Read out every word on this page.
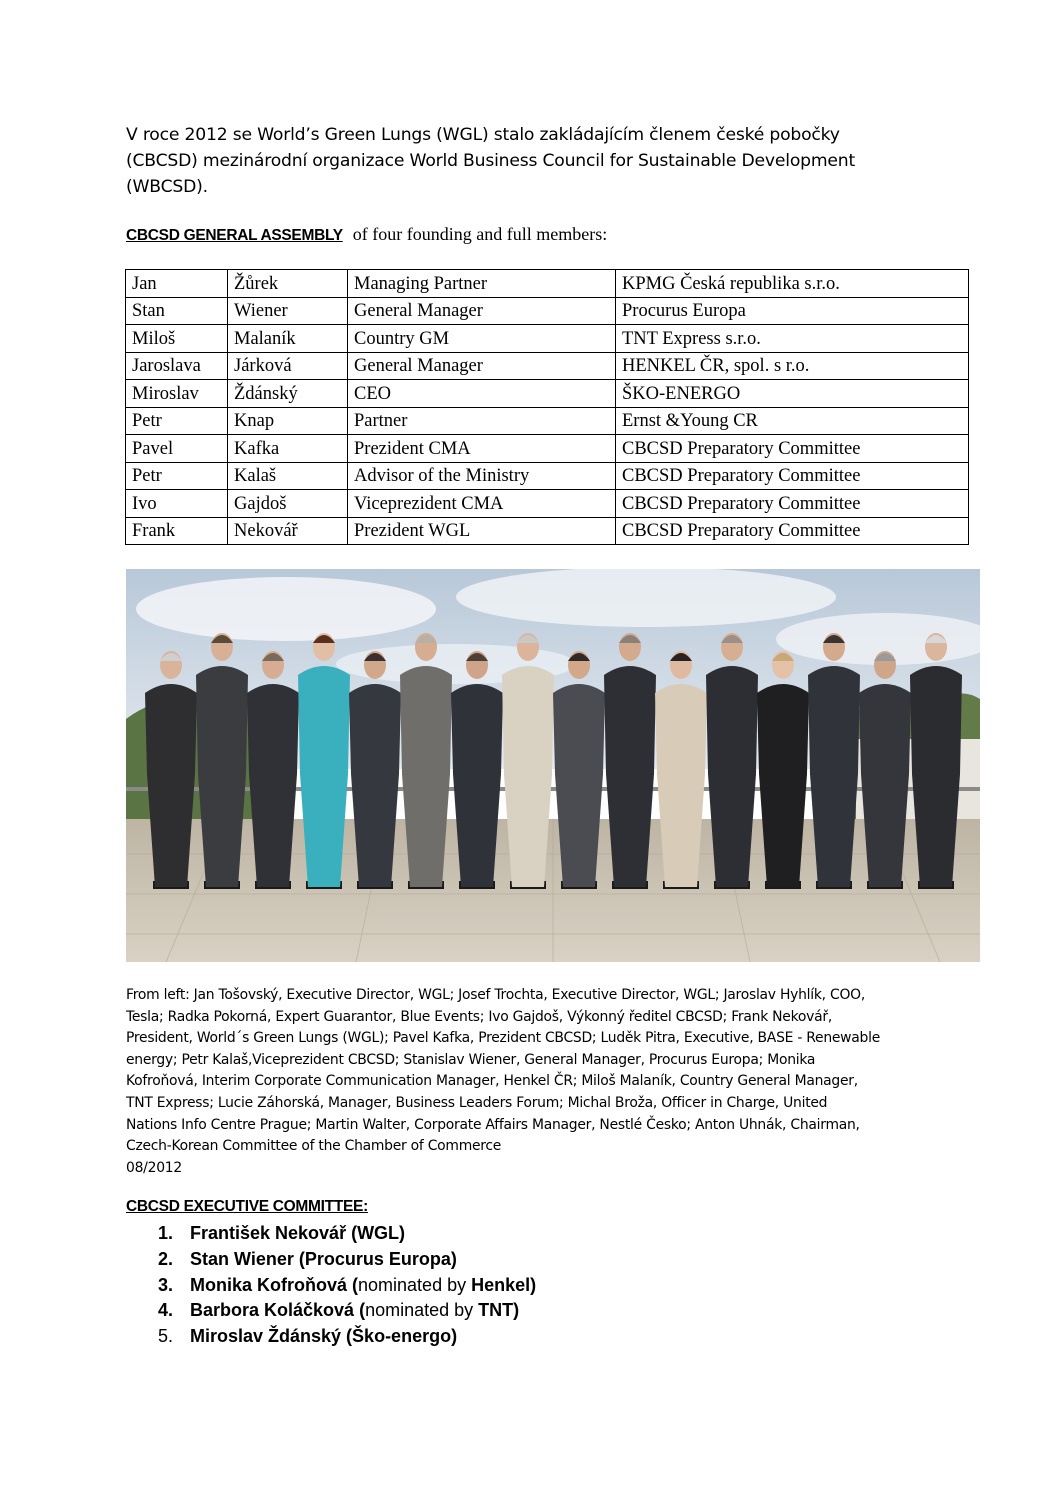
V roce 2012 se World’s Green Lungs (WGL) stalo zakládajícím členem české pobočky
(CBCSD) mezinárodní organizace World Business Council for Sustainable Development
(WBCSD).
CBCSD GENERAL ASSEMBLY of four founding and full members:
Jan	Žůrek	Managing Partner	KPMG Česká republika s.r.o.
Stan	Wiener	General Manager	Procurus Europa
Miloš	Malaník	Country GM	TNT Express s.r.o.
Jaroslava	Járková	General Manager	HENKEL ČR, spol. s r.o.
Miroslav	Ždánský	CEO	ŠKO-ENERGO
Petr	Knap	Partner	Ernst &Young CR
Pavel	Kafka	Prezident CMA	CBCSD Preparatory Committee
Petr	Kalaš	Advisor of the Ministry	CBCSD Preparatory Committee
Ivo	Gajdoš	Viceprezident CMA	CBCSD Preparatory Committee
Frank	Nekovář	Prezident WGL	CBCSD Preparatory Committee
From left: Jan Tošovský, Executive Director, WGL; Josef Trochta, Executive Director, WGL; Jaroslav Hyhlík, COO,
Tesla; Radka Pokorná, Expert Guarantor, Blue Events; Ivo Gajdoš, Výkonný ředitel CBCSD; Frank Nekovář,
President, World´s Green Lungs (WGL); Pavel Kafka, Prezident CBCSD; Luděk Pitra, Executive, BASE - Renewable
energy; Petr Kalaš,Viceprezident CBCSD; Stanislav Wiener, General Manager, Procurus Europa; Monika
Kofroňová, Interim Corporate Communication Manager, Henkel ČR; Miloš Malaník, Country General Manager,
TNT Express; Lucie Záhorská, Manager, Business Leaders Forum; Michal Broža, Officer in Charge, United
Nations Info Centre Prague; Martin Walter, Corporate Affairs Manager, Nestlé Česko; Anton Uhnák, Chairman,
Czech-Korean Committee of the Chamber of Commerce
08/2012
CBCSD EXECUTIVE COMMITTEE:
1. František Nekovář (WGL)
2. Stan Wiener (Procurus Europa)
3. Monika Kofroňová (nominated by Henkel)
4. Barbora Koláčková (nominated by TNT)
5. Miroslav Ždánský (Ško-energo)
